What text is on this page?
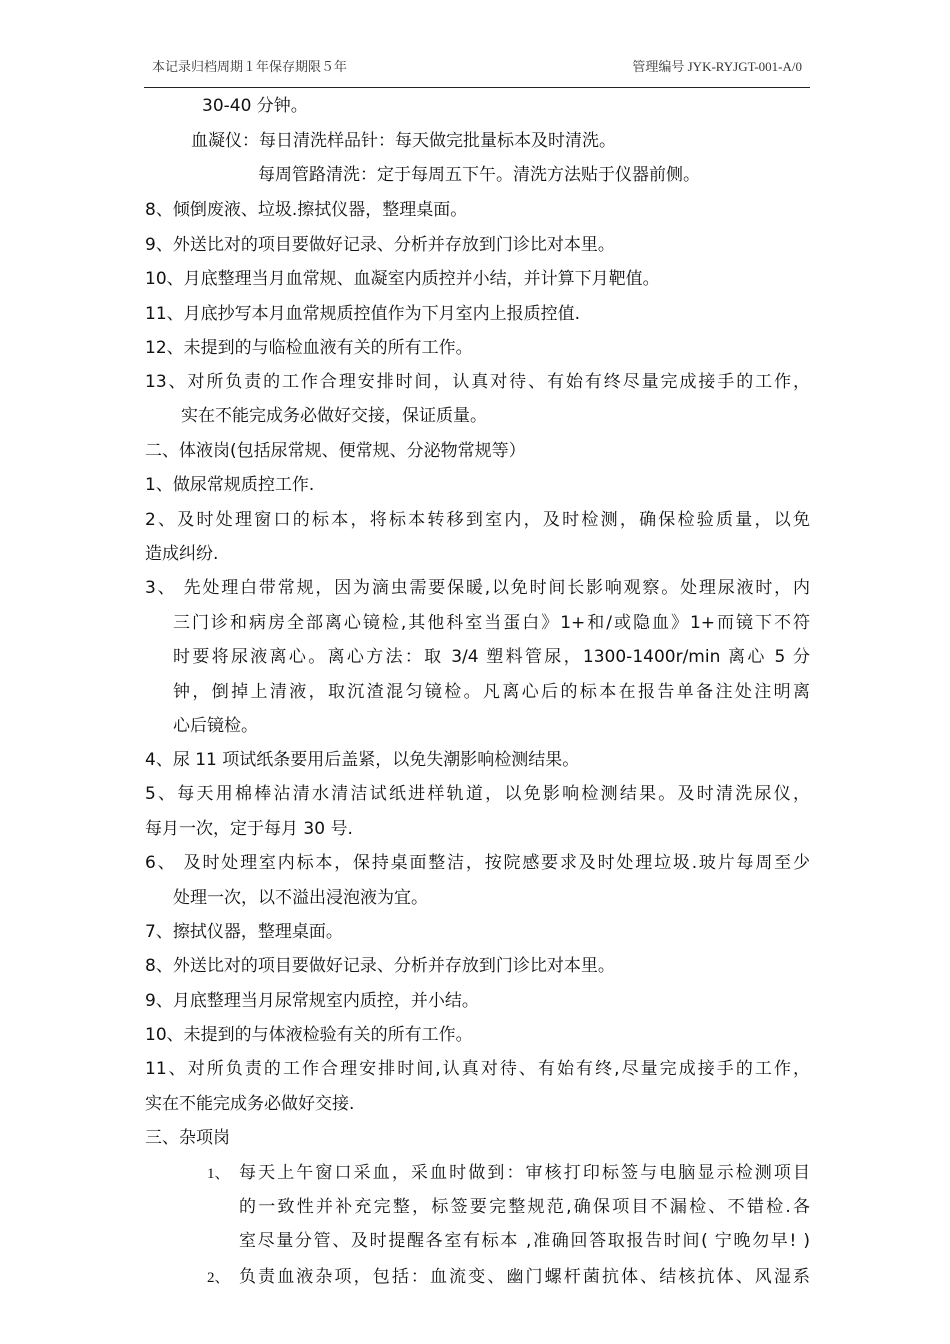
本记录归档周期１年保存期限５年	管理编号 JYK-RYJGT-001-A/0
30-40 分钟。
血凝仪：每日清洗样品针：每天做完批量标本及时清洗。
每周管路清洗：定于每周五下午。清洗方法贴于仪器前侧。
8、倾倒废液、垃圾.擦拭仪器，整理桌面。
9、外送比对的项目要做好记录、分析并存放到门诊比对本里。
10、月底整理当月血常规、血凝室内质控并小结，并计算下月靶值。
11、月底抄写本月血常规质控值作为下月室内上报质控值.
12、未提到的与临检血液有关的所有工作。
13、对所负责的工作合理安排时间，认真对待、有始有终尽量完成接手的工作，
实在不能完成务必做好交接，保证质量。
二、体液岗(包括尿常规、便常规、分泌物常规等）
1、做尿常规质控工作.
2、及时处理窗口的标本，将标本转移到室内，及时检测，确保检验质量，以免
造成纠纷.
3、 先处理白带常规，因为滴虫需要保暖,以免时间长影响观察。处理尿液时，内
三门诊和病房全部离心镜检,其他科室当蛋白》1+和/或隐血》1+而镜下不符
时要将尿液离心。离心方法：取 3/4 塑料管尿，1300-1400r/min 离心 5 分
钟，倒掉上清液，取沉渣混匀镜检。凡离心后的标本在报告单备注处注明离
心后镜检。
4、尿 11 项试纸条要用后盖紧，以免失潮影响检测结果。
5、每天用棉棒沾清水清洁试纸进样轨道，以免影响检测结果。及时清洗尿仪，
每月一次，定于每月 30 号.
6、 及时处理室内标本，保持桌面整洁，按院感要求及时处理垃圾.玻片每周至少
处理一次，以不溢出浸泡液为宜。
7、擦拭仪器，整理桌面。
8、外送比对的项目要做好记录、分析并存放到门诊比对本里。
9、月底整理当月尿常规室内质控，并小结。
10、未提到的与体液检验有关的所有工作。
11、对所负责的工作合理安排时间,认真对待、有始有终,尽量完成接手的工作，
实在不能完成务必做好交接.
三、杂项岗
1、 每天上午窗口采血，采血时做到：审核打印标签与电脑显示检测项目
的一致性并补充完整，标签要完整规范,确保项目不漏检、不错检.各
室尽量分管、及时提醒各室有标本 ,准确回答取报告时间( 宁晚勿早! )
2、 负责血液杂项，包括：血流变、幽门螺杆菌抗体、结核抗体、风湿系
